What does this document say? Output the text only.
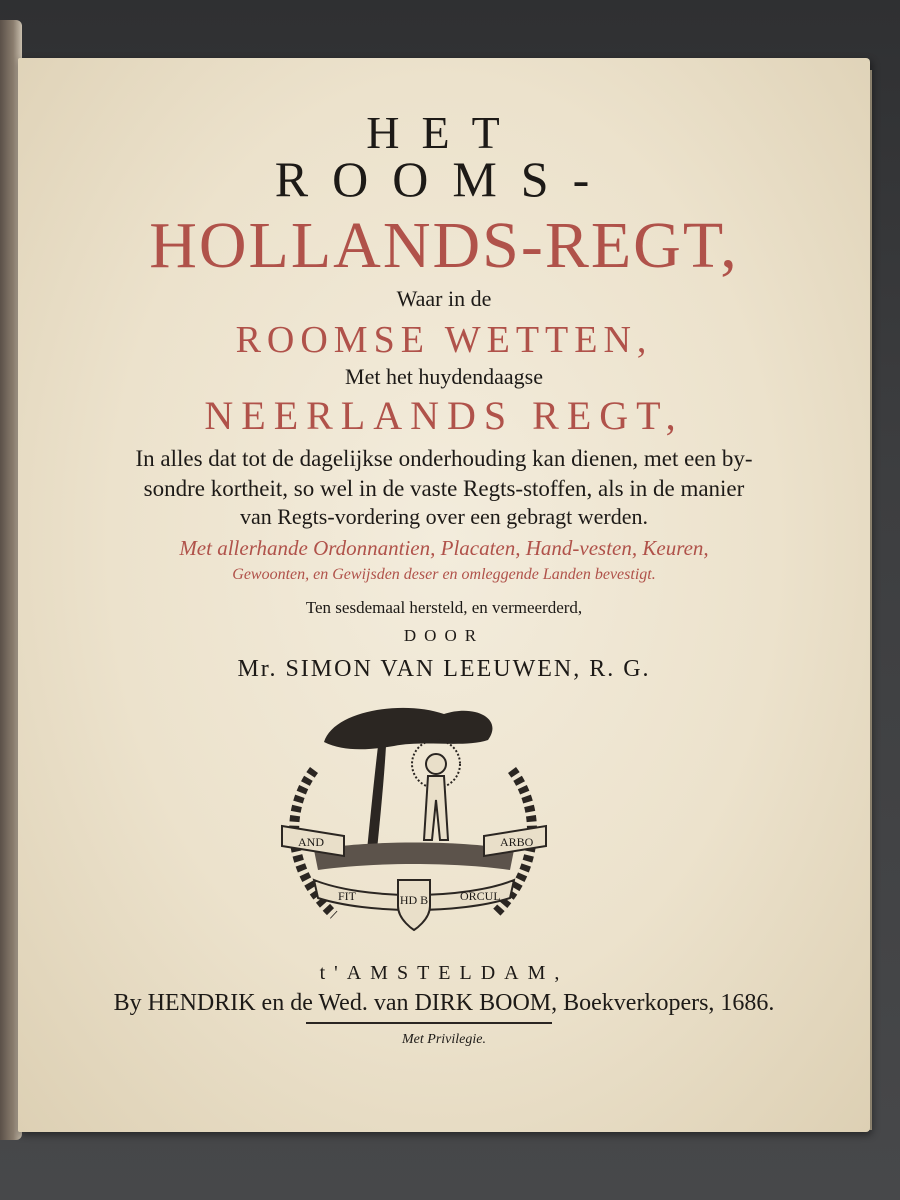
HET

ROOMS-

HOLLANDS-REGT,

Waar in de

ROOMSE WETTEN,

Met het huydendaagse

NEERLANDS REGT,

In alles dat tot de dagelijkse onderhouding kan dienen, met een by-

sondre kortheit, so wel in de vaste Regts-stoffen, als in de manier

van Regts-vordering over een gebragt werden.

Met allerhande Ordonnantien, Placaten, Hand-vesten, Keuren,

Gewoonten, en Gewijsden deser en omleggende Landen bevestigt.

Ten sesdemaal hersteld, en vermeerderd,

DOOR

Mr. SIMON VAN LEEUWEN, R. G.

AND	ARBO
FIT	ORCUL
HD B

t'AMSTELDAM,

By HENDRIK en de Wed. van DIRK BOOM, Boekverkopers, 1686.

Met Privilegie.
